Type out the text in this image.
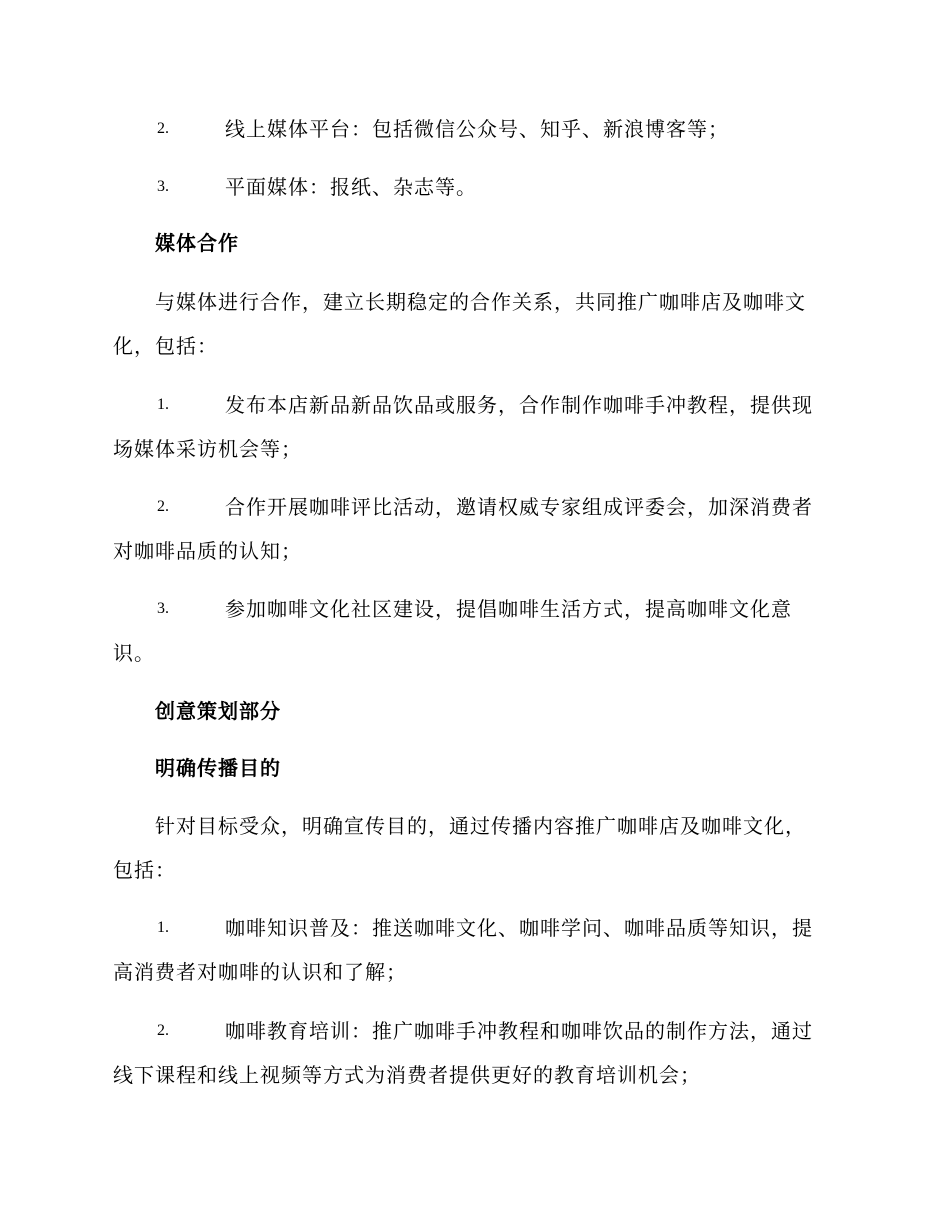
2.	线上媒体平台：包括微信公众号、知乎、新浪博客等；
3.	平面媒体：报纸、杂志等。
媒体合作
与媒体进行合作，建立长期稳定的合作关系，共同推广咖啡店及咖啡文
化，包括：
1.	发布本店新品新品饮品或服务，合作制作咖啡手冲教程，提供现
场媒体采访机会等；
2.	合作开展咖啡评比活动，邀请权威专家组成评委会，加深消费者
对咖啡品质的认知；
3.	参加咖啡文化社区建设，提倡咖啡生活方式，提高咖啡文化意
识。
创意策划部分
明确传播目的
针对目标受众，明确宣传目的，通过传播内容推广咖啡店及咖啡文化，
包括：
1.	咖啡知识普及：推送咖啡文化、咖啡学问、咖啡品质等知识，提
高消费者对咖啡的认识和了解；
2.	咖啡教育培训：推广咖啡手冲教程和咖啡饮品的制作方法，通过
线下课程和线上视频等方式为消费者提供更好的教育培训机会；
